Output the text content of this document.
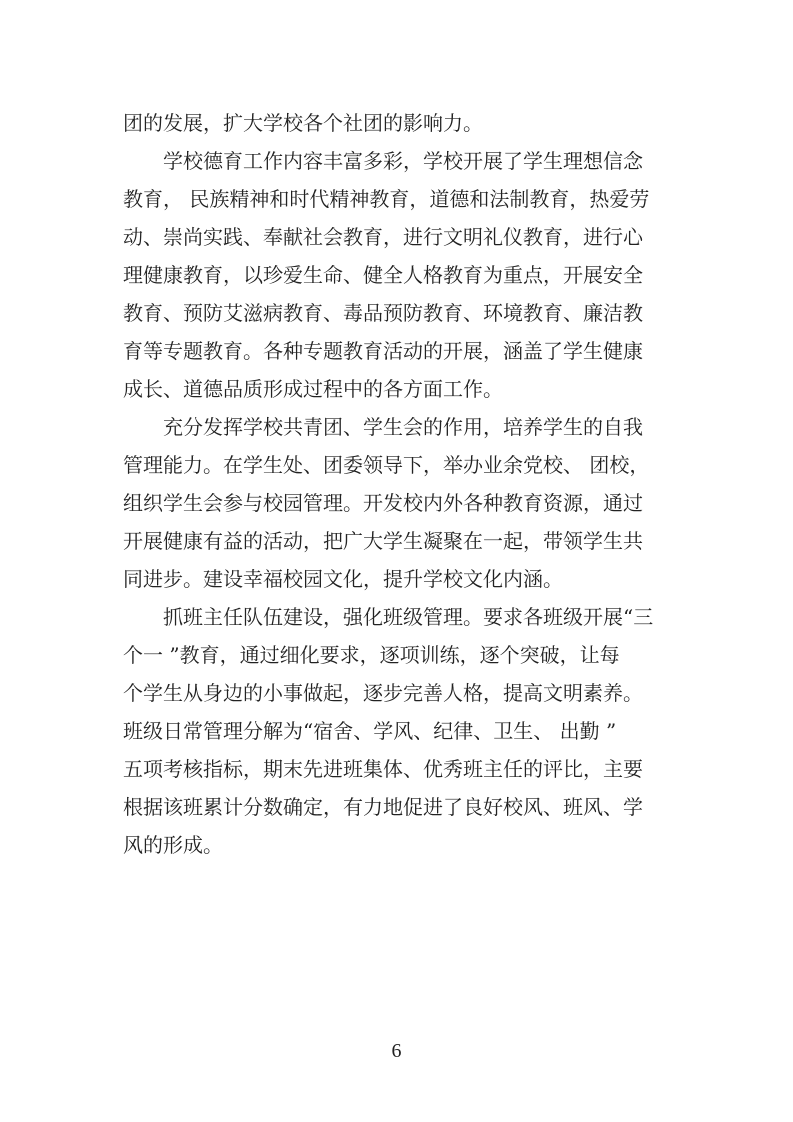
团的发展，扩大学校各个社团的影响力。
学校德育工作内容丰富多彩，学校开展了学生理想信念
教育， 民族精神和时代精神教育，道德和法制教育，热爱劳
动、崇尚实践、奉献社会教育，进行文明礼仪教育，进行心
理健康教育，以珍爱生命、健全人格教育为重点，开展安全
教育、预防艾滋病教育、毒品预防教育、环境教育、廉洁教
育等专题教育。各种专题教育活动的开展，涵盖了学生健康
成长、道德品质形成过程中的各方面工作。
充分发挥学校共青团、学生会的作用，培养学生的自我
管理能力。在学生处、团委领导下，举办业余党校、 团校，
组织学生会参与校园管理。开发校内外各种教育资源，通过
开展健康有益的活动，把广大学生凝聚在一起，带领学生共
同进步。建设幸福校园文化，提升学校文化内涵。
抓班主任队伍建设，强化班级管理。要求各班级开展“三
个一 ”教育，通过细化要求，逐项训练，逐个突破，让每
个学生从身边的小事做起，逐步完善人格，提高文明素养。
班级日常管理分解为“宿舍、学风、纪律、卫生、 出勤 ”
五项考核指标，期末先进班集体、优秀班主任的评比，主要
根据该班累计分数确定，有力地促进了良好校风、班风、学
风的形成。
6
